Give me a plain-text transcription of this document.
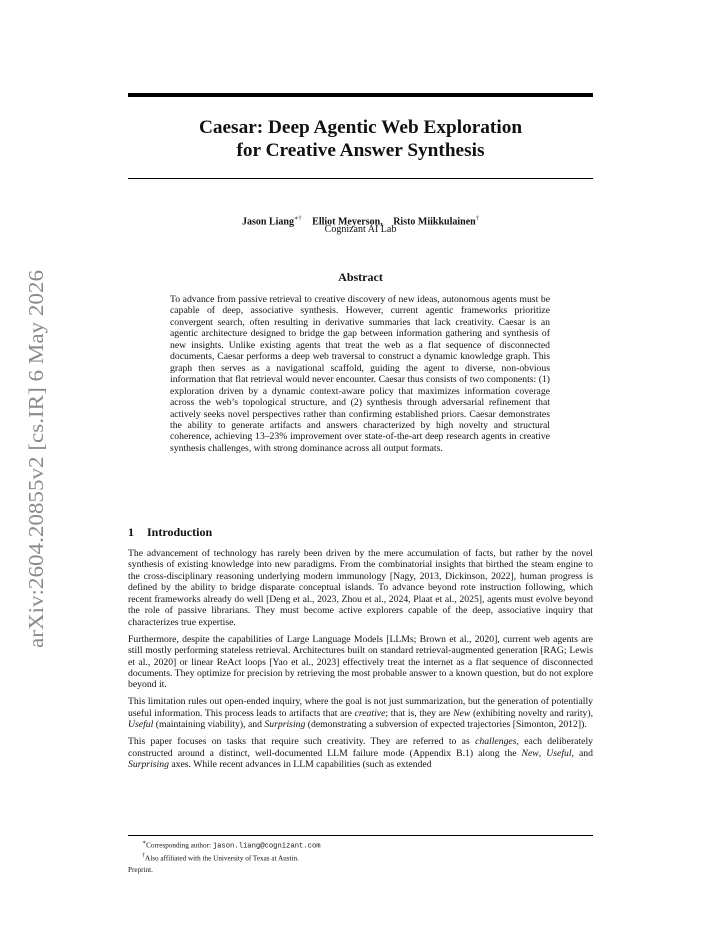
arXiv:2604.20855v2 [cs.IR] 6 May 2026
Caesar: Deep Agentic Web Exploration
for Creative Answer Synthesis
Jason Liang∗† Elliot Meyerson, Risto Miikkulainen†
Cognizant AI Lab
Abstract
To advance from passive retrieval to creative discovery of new ideas, autonomous agents must be capable of deep, associative synthesis. However, current agentic frameworks prioritize convergent search, often resulting in derivative summaries that lack creativity. Caesar is an agentic architecture designed to bridge the gap between information gathering and synthesis of new insights. Unlike existing agents that treat the web as a flat sequence of disconnected documents, Caesar performs a deep web traversal to construct a dynamic knowledge graph. This graph then serves as a navigational scaffold, guiding the agent to diverse, non-obvious information that flat retrieval would never encounter. Caesar thus consists of two components: (1) exploration driven by a dynamic context-aware policy that maximizes information coverage across the web’s topological structure, and (2) synthesis through adversarial refinement that actively seeks novel perspectives rather than confirming established priors. Caesar demonstrates the ability to generate artifacts and answers characterized by high novelty and structural coherence, achieving 13–23% improvement over state-of-the-art deep research agents in creative synthesis challenges, with strong dominance across all output formats.
1 Introduction

The advancement of technology has rarely been driven by the mere accumulation of facts, but rather by the novel synthesis of existing knowledge into new paradigms. From the combinatorial insights that birthed the steam engine to the cross-disciplinary reasoning underlying modern immunology [Nagy, 2013, Dickinson, 2022], human progress is defined by the ability to bridge disparate conceptual islands. To advance beyond rote instruction following, which recent frameworks already do well [Deng et al., 2023, Zhou et al., 2024, Plaat et al., 2025], agents must evolve beyond the role of passive librarians. They must become active explorers capable of the deep, associative inquiry that characterizes true expertise.

Furthermore, despite the capabilities of Large Language Models [LLMs; Brown et al., 2020], current web agents are still mostly performing stateless retrieval. Architectures built on standard retrieval-augmented generation [RAG; Lewis et al., 2020] or linear ReAct loops [Yao et al., 2023] effectively treat the internet as a flat sequence of disconnected documents. They optimize for precision by retrieving the most probable answer to a known question, but do not explore beyond it.

This limitation rules out open-ended inquiry, where the goal is not just summarization, but the generation of potentially useful information. This process leads to artifacts that are creative; that is, they are New (exhibiting novelty and rarity), Useful (maintaining viability), and Surprising (demonstrating a subversion of expected trajectories [Simonton, 2012]).

This paper focuses on tasks that require such creativity. They are referred to as challenges, each deliberately constructed around a distinct, well-documented LLM failure mode (Appendix B.1) along the New, Useful, and Surprising axes. While recent advances in LLM capabilities (such as extended

∗Corresponding author: jason.liang@cognizant.com
†Also affiliated with the University of Texas at Austin.
Preprint.
